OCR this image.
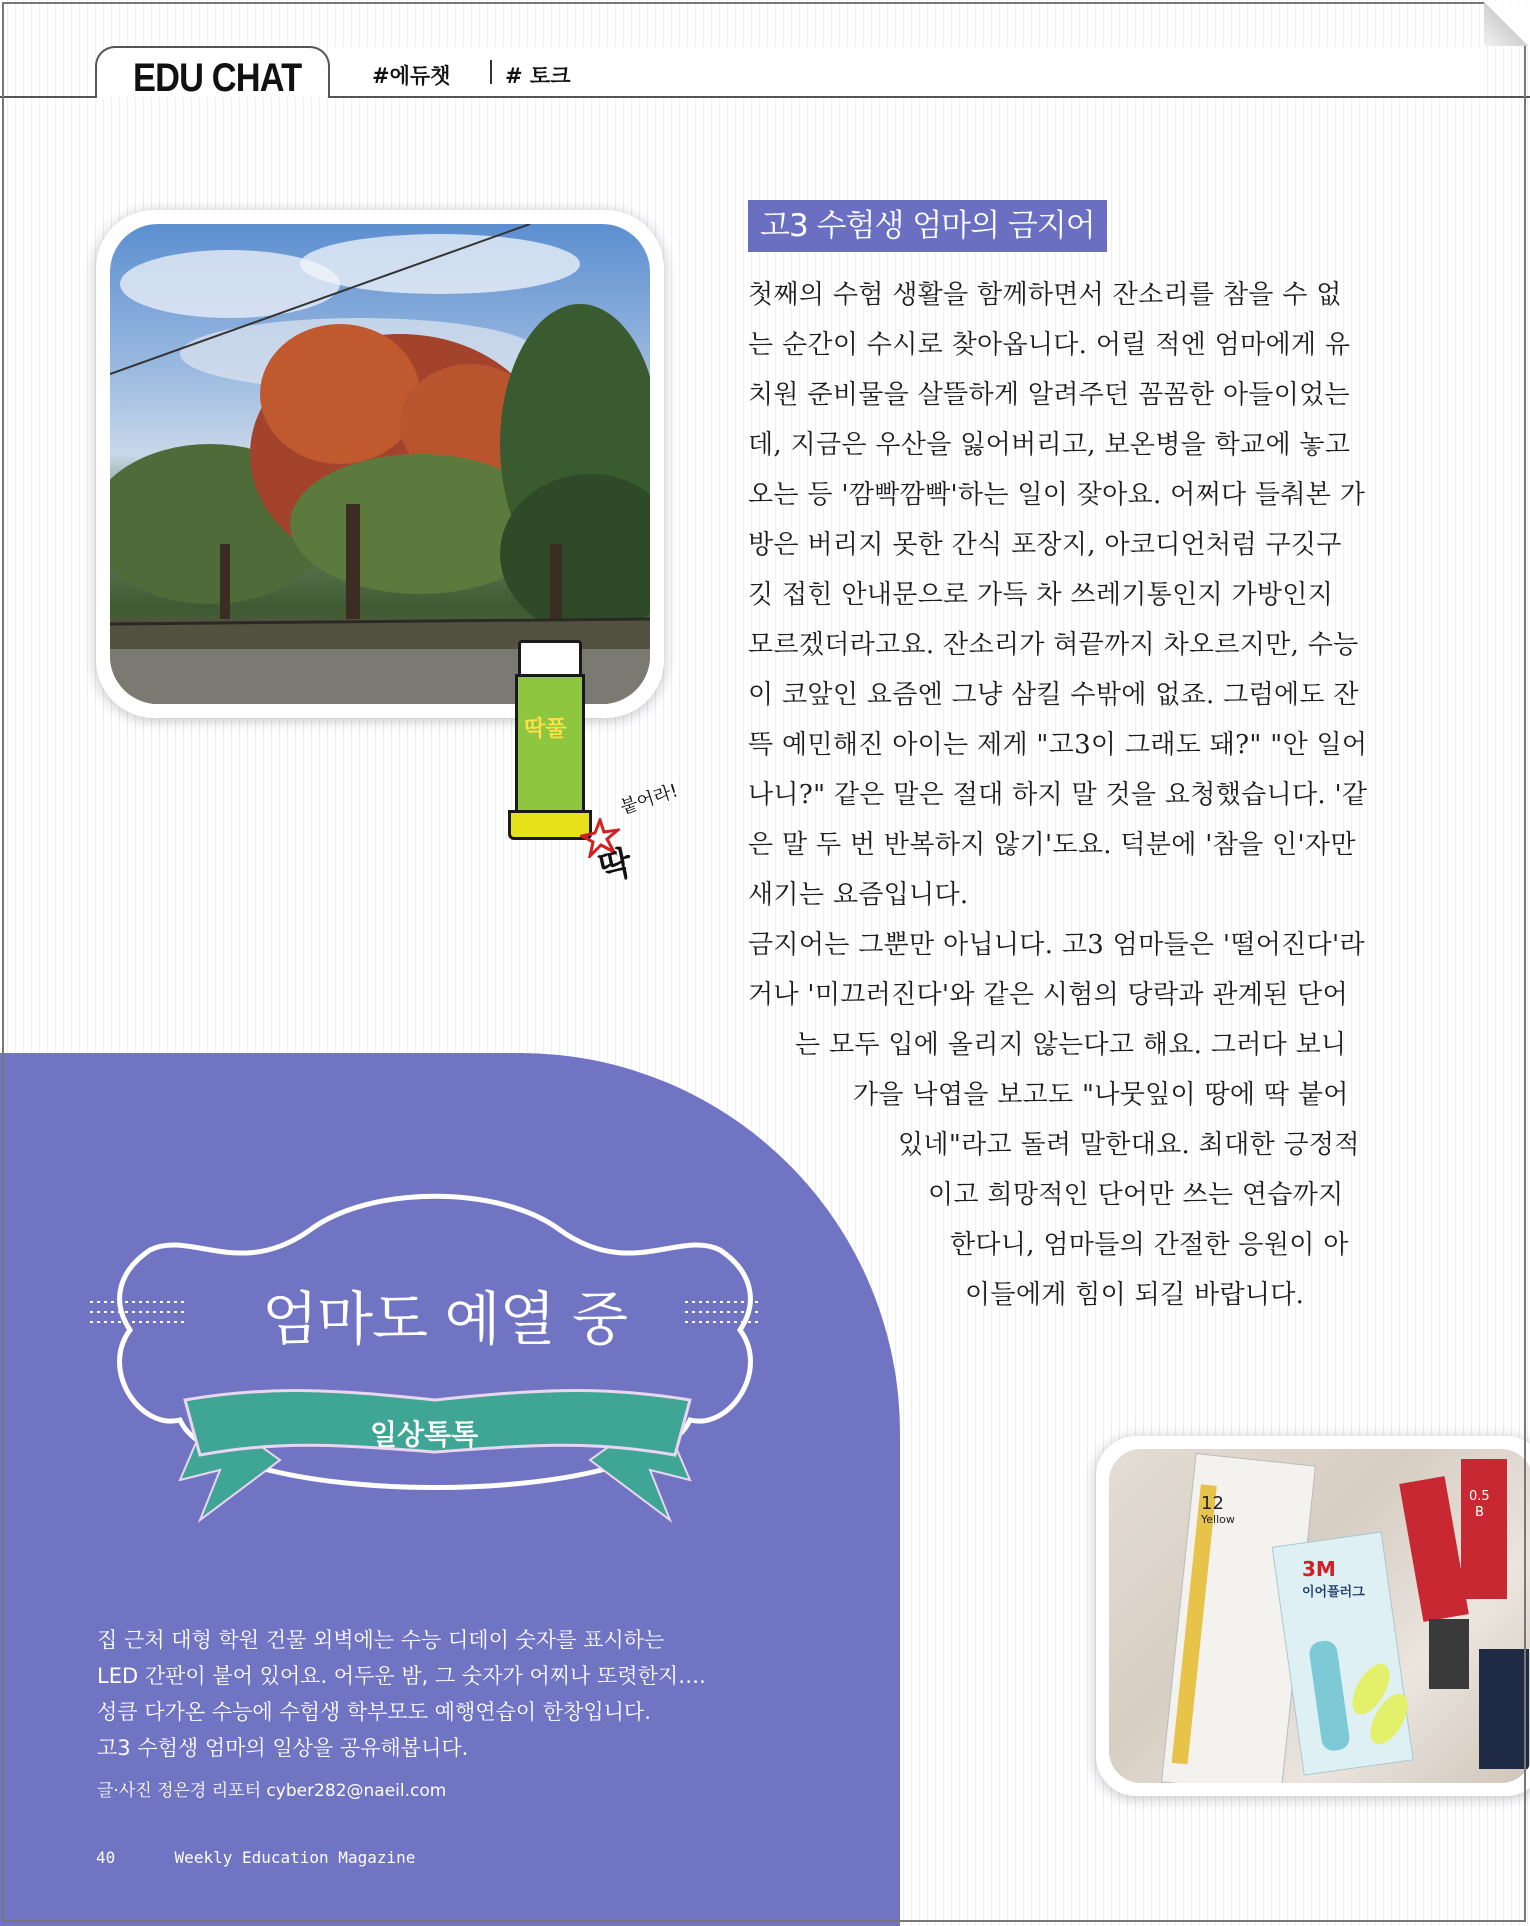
EDU CHAT	#에듀챗	# 토크
딱풀
붙어라!
딱
고3 수험생 엄마의 금지어
첫째의 수험 생활을 함께하면서 잔소리를 참을 수 없
는 순간이 수시로 찾아옵니다. 어릴 적엔 엄마에게 유
치원 준비물을 살뜰하게 알려주던 꼼꼼한 아들이었는
데, 지금은 우산을 잃어버리고, 보온병을 학교에 놓고
오는 등 '깜빡깜빡'하는 일이 잦아요. 어쩌다 들춰본 가
방은 버리지 못한 간식 포장지, 아코디언처럼 구깃구
깃 접힌 안내문으로 가득 차 쓰레기통인지 가방인지
모르겠더라고요. 잔소리가 혀끝까지 차오르지만, 수능
이 코앞인 요즘엔 그냥 삼킬 수밖에 없죠. 그럼에도 잔
뜩 예민해진 아이는 제게 "고3이 그래도 돼?" "안 일어
나니?" 같은 말은 절대 하지 말 것을 요청했습니다. '같
은 말 두 번 반복하지 않기'도요. 덕분에 '참을 인'자만
새기는 요즘입니다.
금지어는 그뿐만 아닙니다. 고3 엄마들은 '떨어진다'라
거나 '미끄러진다'와 같은 시험의 당락과 관계된 단어
는 모두 입에 올리지 않는다고 해요. 그러다 보니
가을 낙엽을 보고도 "나뭇잎이 땅에 딱 붙어
있네"라고 돌려 말한대요. 최대한 긍정적
이고 희망적인 단어만 쓰는 연습까지
한다니, 엄마들의 간절한 응원이 아
이들에게 힘이 되길 바랍니다.
엄마도 예열 중
일상톡톡
집 근처 대형 학원 건물 외벽에는 수능 디데이 숫자를 표시하는
LED 간판이 붙어 있어요. 어두운 밤, 그 숫자가 어찌나 또렷한지….
성큼 다가온 수능에 수험생 학부모도 예행연습이 한창입니다.
고3 수험생 엄마의 일상을 공유해봅니다.
글·사진 정은경 리포터 cyber282@naeil.com
12
Yellow
3M
이어플러그
0.5
B
40	Weekly Education Magazine
